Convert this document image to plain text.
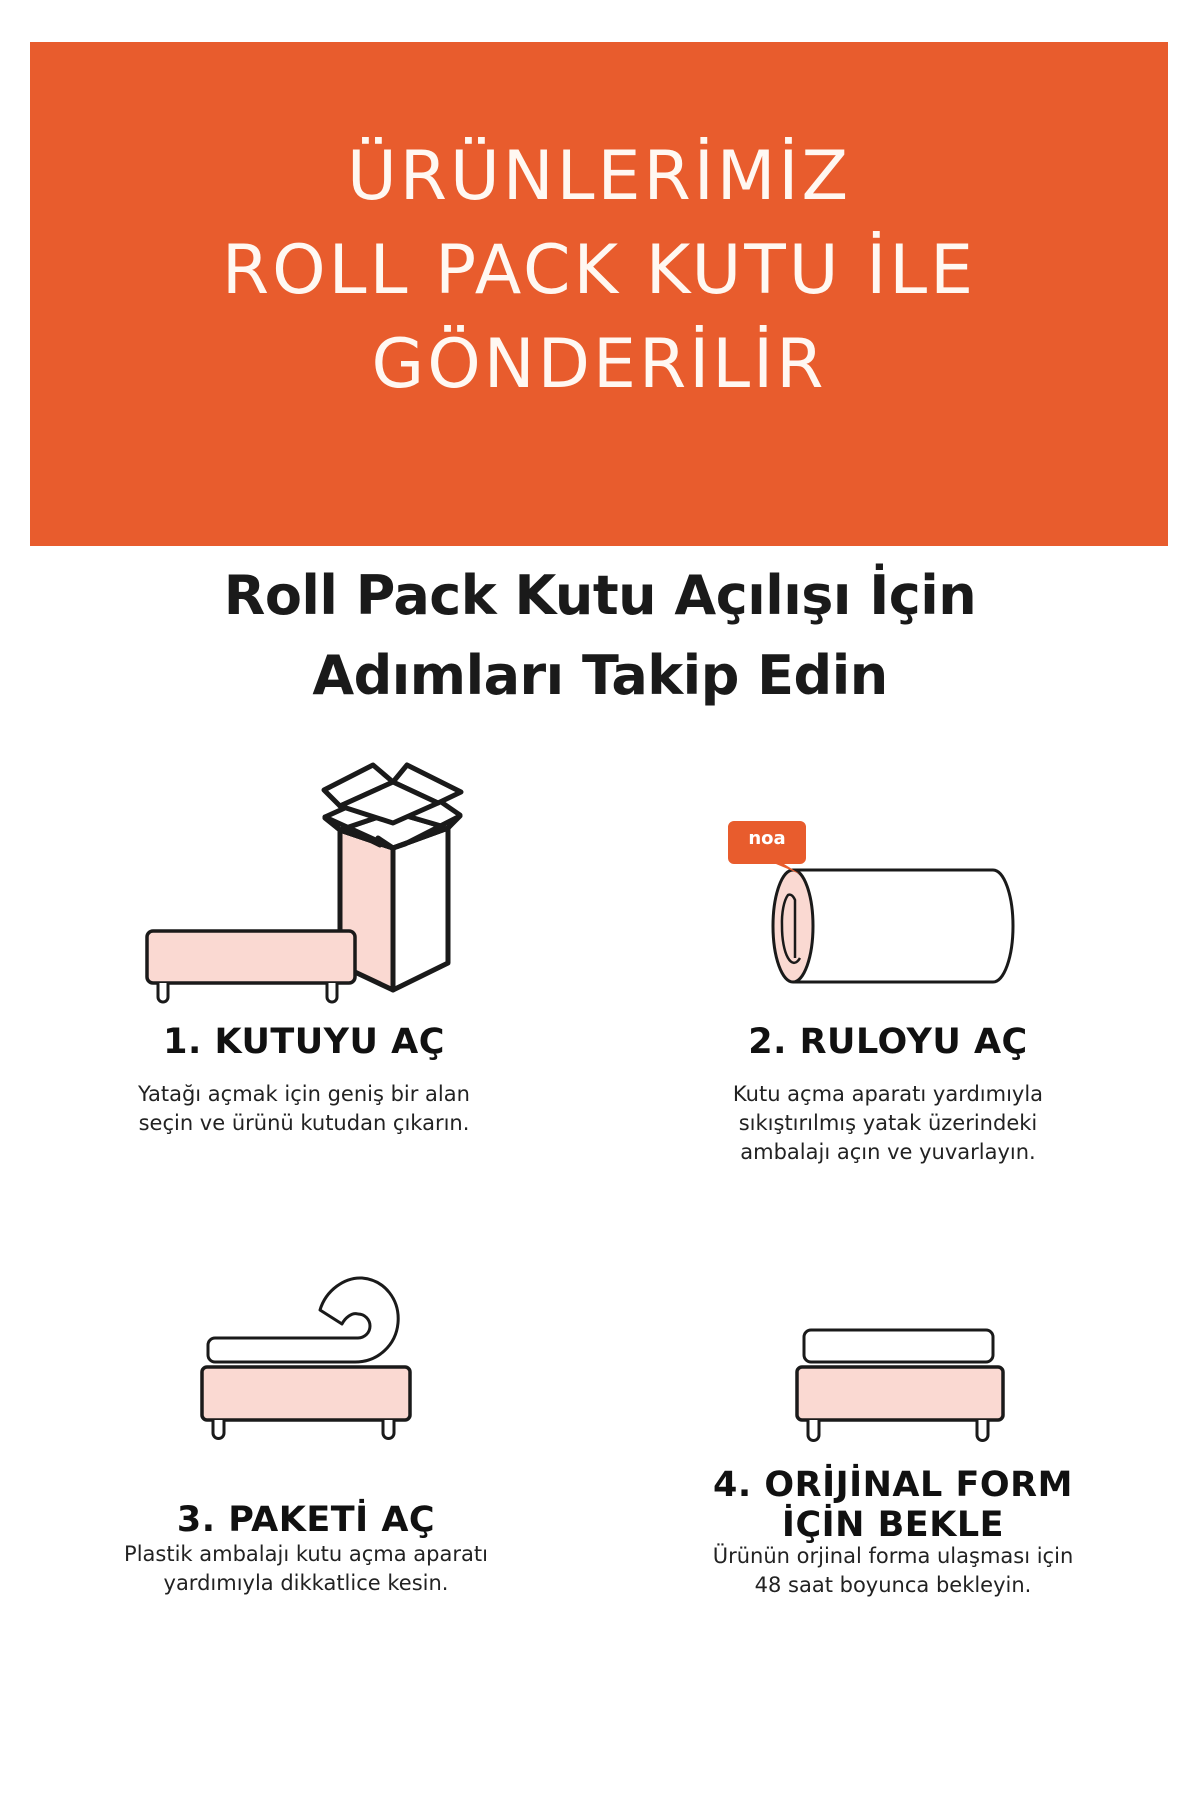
ÜRÜNLERİMİZ
ROLL PACK KUTU İLE
GÖNDERİLİR
Roll Pack Kutu Açılışı İçin
Adımları Takip Edin
1. KUTUYU AÇ
Yatağı açmak için geniş bir alan
seçin ve ürünü kutudan çıkarın.
noa
2. RULOYU AÇ
Kutu açma aparatı yardımıyla
sıkıştırılmış yatak üzerindeki
ambalajı açın ve yuvarlayın.
3. PAKETİ AÇ
Plastik ambalajı kutu açma aparatı
yardımıyla dikkatlice kesin.
4. ORİJİNAL FORM
İÇİN BEKLE
Ürünün orjinal forma ulaşması için
48 saat boyunca bekleyin.
